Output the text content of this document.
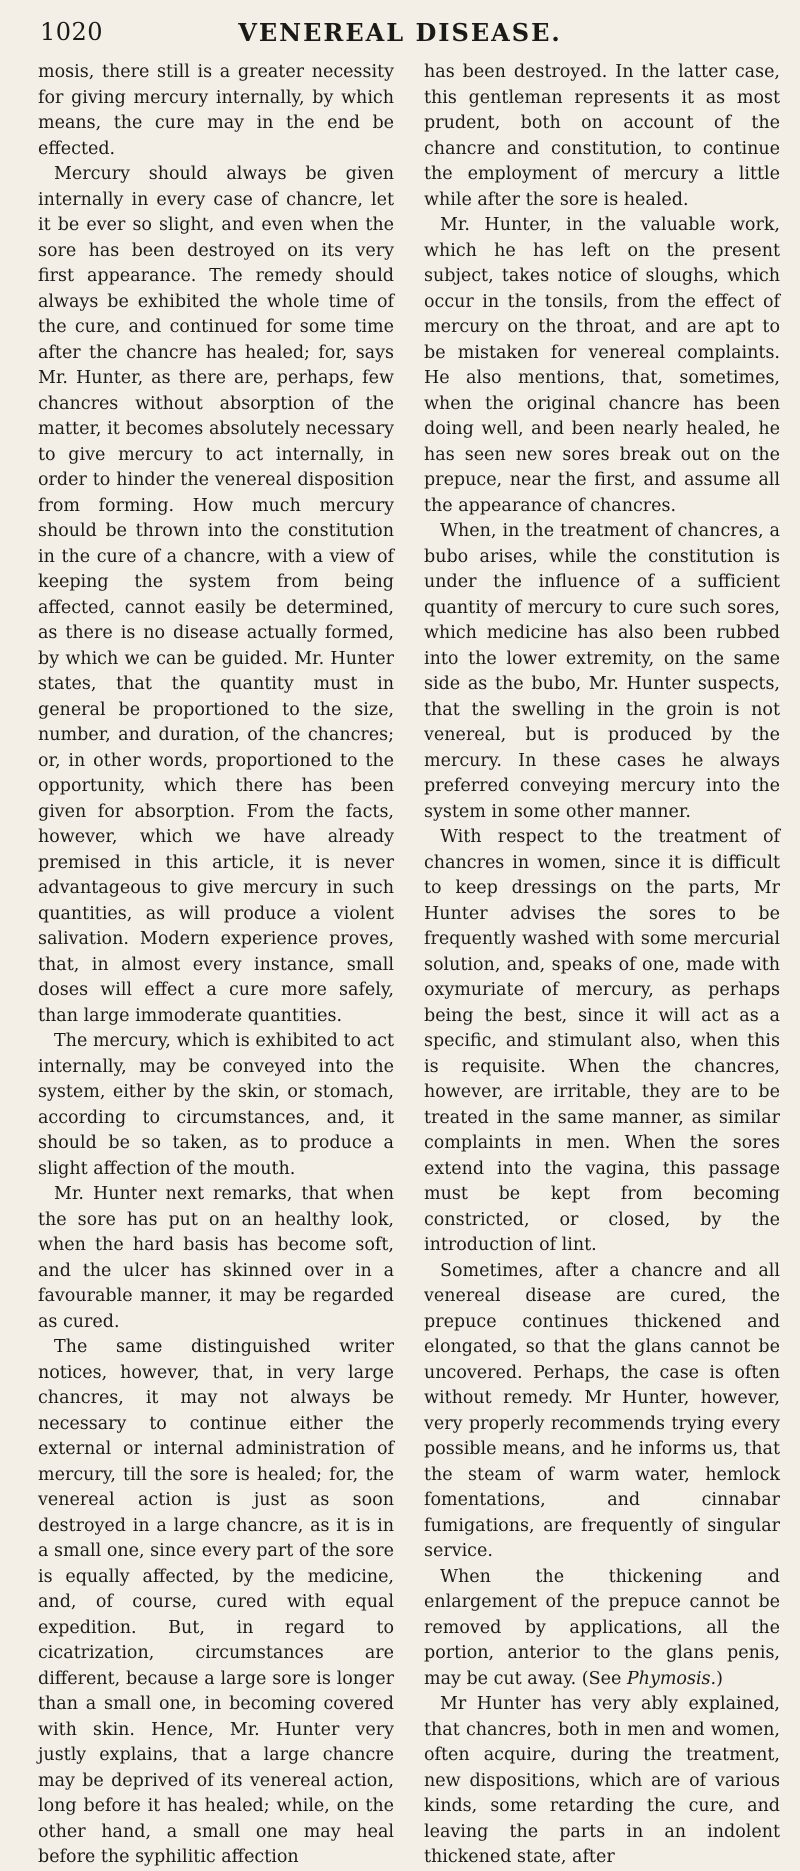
1020	VENEREAL DISEASE.

mosis, there still is a greater necessity for giving mercury internally, by which means, the cure may in the end be effected.

Mercury should always be given internally in every case of chancre, let it be ever so slight, and even when the sore has been destroyed on its very first appearance. The remedy should always be exhibited the whole time of the cure, and continued for some time after the chancre has healed; for, says Mr. Hunter, as there are, perhaps, few chancres without absorption of the matter, it becomes absolutely necessary to give mercury to act internally, in order to hinder the venereal disposition from forming. How much mercury should be thrown into the constitution in the cure of a chancre, with a view of keeping the system from being affected, cannot easily be determined, as there is no disease actually formed, by which we can be guided. Mr. Hunter states, that the quantity must in general be proportioned to the size, number, and duration, of the chancres; or, in other words, proportioned to the opportunity, which there has been given for absorption. From the facts, however, which we have already premised in this article, it is never advantageous to give mercury in such quantities, as will produce a violent salivation. Modern experience proves, that, in almost every instance, small doses will effect a cure more safely, than large immoderate quantities.

The mercury, which is exhibited to act internally, may be conveyed into the system, either by the skin, or stomach, according to circumstances, and, it should be so taken, as to produce a slight affection of the mouth.

Mr. Hunter next remarks, that when the sore has put on an healthy look, when the hard basis has become soft, and the ulcer has skinned over in a favourable manner, it may be regarded as cured.

The same distinguished writer notices, however, that, in very large chancres, it may not always be necessary to continue either the external or internal administration of mercury, till the sore is healed; for, the venereal action is just as soon destroyed in a large chancre, as it is in a small one, since every part of the sore is equally affected, by the medicine, and, of course, cured with equal expedition. But, in regard to cicatrization, circumstances are different, because a large sore is longer than a small one, in becoming covered with skin. Hence, Mr. Hunter very justly explains, that a large chancre may be deprived of its venereal action, long before it has healed; while, on the other hand, a small one may heal before the syphilitic affection

has been destroyed. In the latter case, this gentleman represents it as most prudent, both on account of the chancre and constitution, to continue the employment of mercury a little while after the sore is healed.

Mr. Hunter, in the valuable work, which he has left on the present subject, takes notice of sloughs, which occur in the tonsils, from the effect of mercury on the throat, and are apt to be mistaken for venereal complaints. He also mentions, that, sometimes, when the original chancre has been doing well, and been nearly healed, he has seen new sores break out on the prepuce, near the first, and assume all the appearance of chancres.

When, in the treatment of chancres, a bubo arises, while the constitution is under the influence of a sufficient quantity of mercury to cure such sores, which medicine has also been rubbed into the lower extremity, on the same side as the bubo, Mr. Hunter suspects, that the swelling in the groin is not venereal, but is produced by the mercury. In these cases he always preferred conveying mercury into the system in some other manner.

With respect to the treatment of chancres in women, since it is difficult to keep dressings on the parts, Mr Hunter advises the sores to be frequently washed with some mercurial solution, and, speaks of one, made with oxymuriate of mercury, as perhaps being the best, since it will act as a specific, and stimulant also, when this is requisite. When the chancres, however, are irritable, they are to be treated in the same manner, as similar complaints in men. When the sores extend into the vagina, this passage must be kept from becoming constricted, or closed, by the introduction of lint.

Sometimes, after a chancre and all venereal disease are cured, the prepuce continues thickened and elongated, so that the glans cannot be uncovered. Perhaps, the case is often without remedy. Mr Hunter, however, very properly recommends trying every possible means, and he informs us, that the steam of warm water, hemlock fomentations, and cinnabar fumigations, are frequently of singular service.

When the thickening and enlargement of the prepuce cannot be removed by applications, all the portion, anterior to the glans penis, may be cut away. (See Phymosis.)

Mr Hunter has very ably explained, that chancres, both in men and women, often acquire, during the treatment, new dispositions, which are of various kinds, some retarding the cure, and leaving the parts in an indolent thickened state, after
